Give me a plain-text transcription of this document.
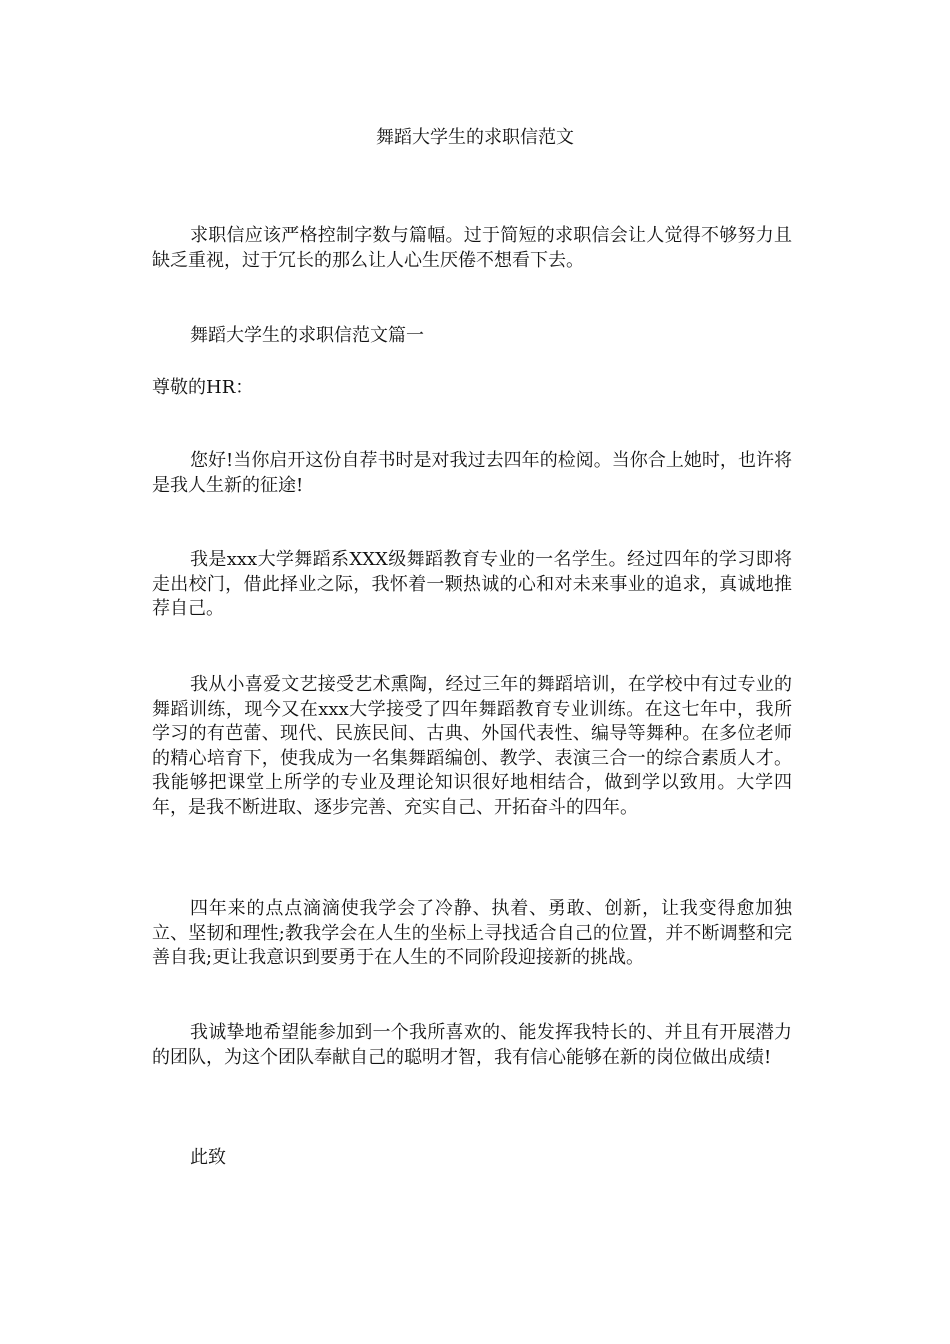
舞蹈大学生的求职信范文
求职信应该严格控制字数与篇幅。过于简短的求职信会让人觉得不够努力且缺乏重视，过于冗长的那么让人心生厌倦不想看下去。
舞蹈大学生的求职信范文篇一
尊敬的HR：
您好!当你启开这份自荐书时是对我过去四年的检阅。当你合上她时，也许将是我人生新的征途!
我是xxx大学舞蹈系XXX级舞蹈教育专业的一名学生。经过四年的学习即将走出校门，借此择业之际，我怀着一颗热诚的心和对未来事业的追求，真诚地推荐自己。
我从小喜爱文艺接受艺术熏陶，经过三年的舞蹈培训，在学校中有过专业的舞蹈训练，现今又在xxx大学接受了四年舞蹈教育专业训练。在这七年中，我所学习的有芭蕾、现代、民族民间、古典、外国代表性、编导等舞种。在多位老师的精心培育下，使我成为一名集舞蹈编创、教学、表演三合一的综合素质人才。我能够把课堂上所学的专业及理论知识很好地相结合，做到学以致用。大学四年，是我不断进取、逐步完善、充实自己、开拓奋斗的四年。
四年来的点点滴滴使我学会了冷静、执着、勇敢、创新，让我变得愈加独立、坚韧和理性;教我学会在人生的坐标上寻找适合自己的位置，并不断调整和完善自我;更让我意识到要勇于在人生的不同阶段迎接新的挑战。
我诚挚地希望能参加到一个我所喜欢的、能发挥我特长的、并且有开展潜力的团队，为这个团队奉献自己的聪明才智，我有信心能够在新的岗位做出成绩!
此致
